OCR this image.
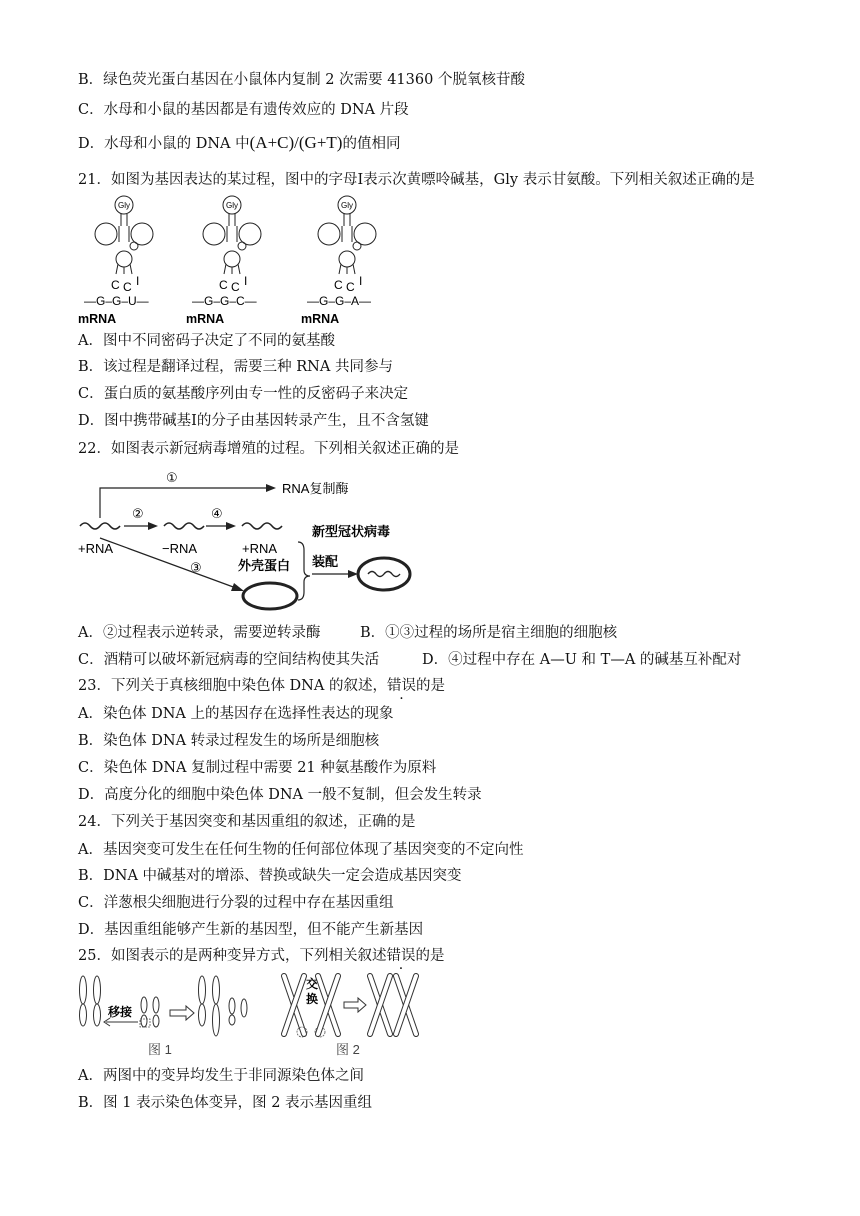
B．绿色荧光蛋白基因在小鼠体内复制 2 次需要 41360 个脱氧核苷酸
C．水母和小鼠的基因都是有遗传效应的 DNA 片段
D．水母和小鼠的 DNA 中(A+C)/(G+T)的值相同
21．如图为基因表达的某过程，图中的字母I表示次黄嘌呤碱基，Gly 表示甘氨酸。下列相关叙述正确的是
Gly
C C I
—G–G–U—
mRNA
Gly
C C I
—G–G–C—
mRNA
Gly
C C I
—G–G–A—
mRNA
A．图中不同密码子决定了不同的氨基酸
B．该过程是翻译过程，需要三种 RNA 共同参与
C．蛋白质的氨基酸序列由专一性的反密码子来决定
D．图中携带碱基I的分子由基因转录产生，且不含氢键
22．如图表示新冠病毒增殖的过程。下列相关叙述正确的是
①
RNA复制酶
+RNA
②
−RNA
④
+RNA
③	外壳蛋白 装配
新型冠状病毒
A．②过程表示逆转录，需要逆转录酶	B．①③过程的场所是宿主细胞的细胞核
C．酒精可以破坏新冠病毒的空间结构使其失活	D．④过程中存在 A—U 和 T—A 的碱基互补配对
23．下列关于真核细胞中染色体 DNA 的叙述，错误的是
A．染色体 DNA 上的基因存在选择性表达的现象
B．染色体 DNA 转录过程发生的场所是细胞核
C．染色体 DNA 复制过程中需要 21 种氨基酸作为原料
D．高度分化的细胞中染色体 DNA 一般不复制，但会发生转录
24．下列关于基因突变和基因重组的叙述，正确的是
A．基因突变可发生在任何生物的任何部位体现了基因突变的不定向性
B．DNA 中碱基对的增添、替换或缺失一定会造成基因突变
C．洋葱根尖细胞进行分裂的过程中存在基因重组
D．基因重组能够产生新的基因型，但不能产生新基因
25．如图表示的是两种变异方式，下列相关叙述错误的是
移接
图 1
交
换
图 2
A．两图中的变异均发生于非同源染色体之间
B．图 1 表示染色体变异，图 2 表示基因重组
